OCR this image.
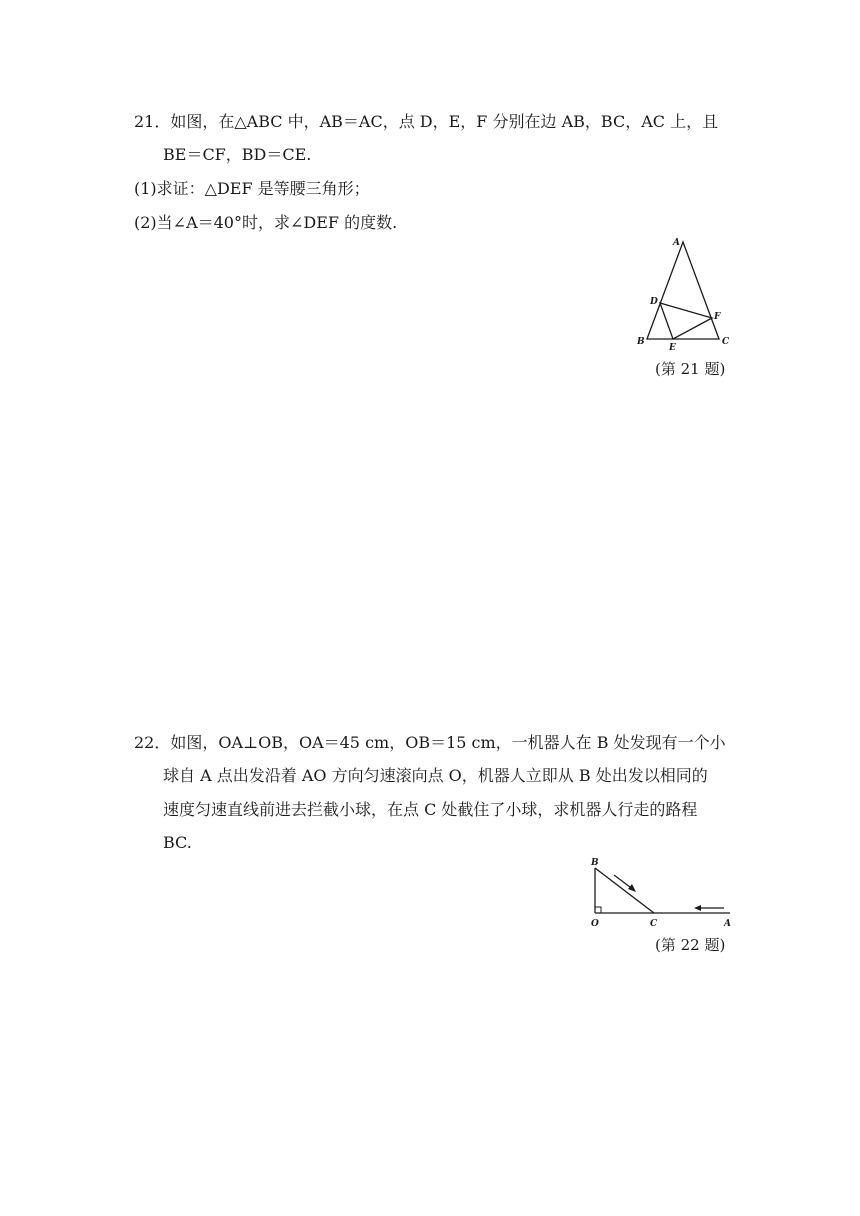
21．如图，在△ABC 中，AB＝AC，点 D，E，F 分别在边 AB，BC，AC 上，且
BE＝CF，BD＝CE.
(1)求证：△DEF 是等腰三角形；
(2)当∠A＝40°时，求∠DEF 的度数.
A
D
F
B	C
E
(第 21 题)
22．如图，OA⊥OB，OA＝45 cm，OB＝15 cm，一机器人在 B 处发现有一个小
球自 A 点出发沿着 AO 方向匀速滚向点 O，机器人立即从 B 处出发以相同的
速度匀速直线前进去拦截小球，在点 C 处截住了小球，求机器人行走的路程
BC.
B
O	C	A
(第 22 题)
